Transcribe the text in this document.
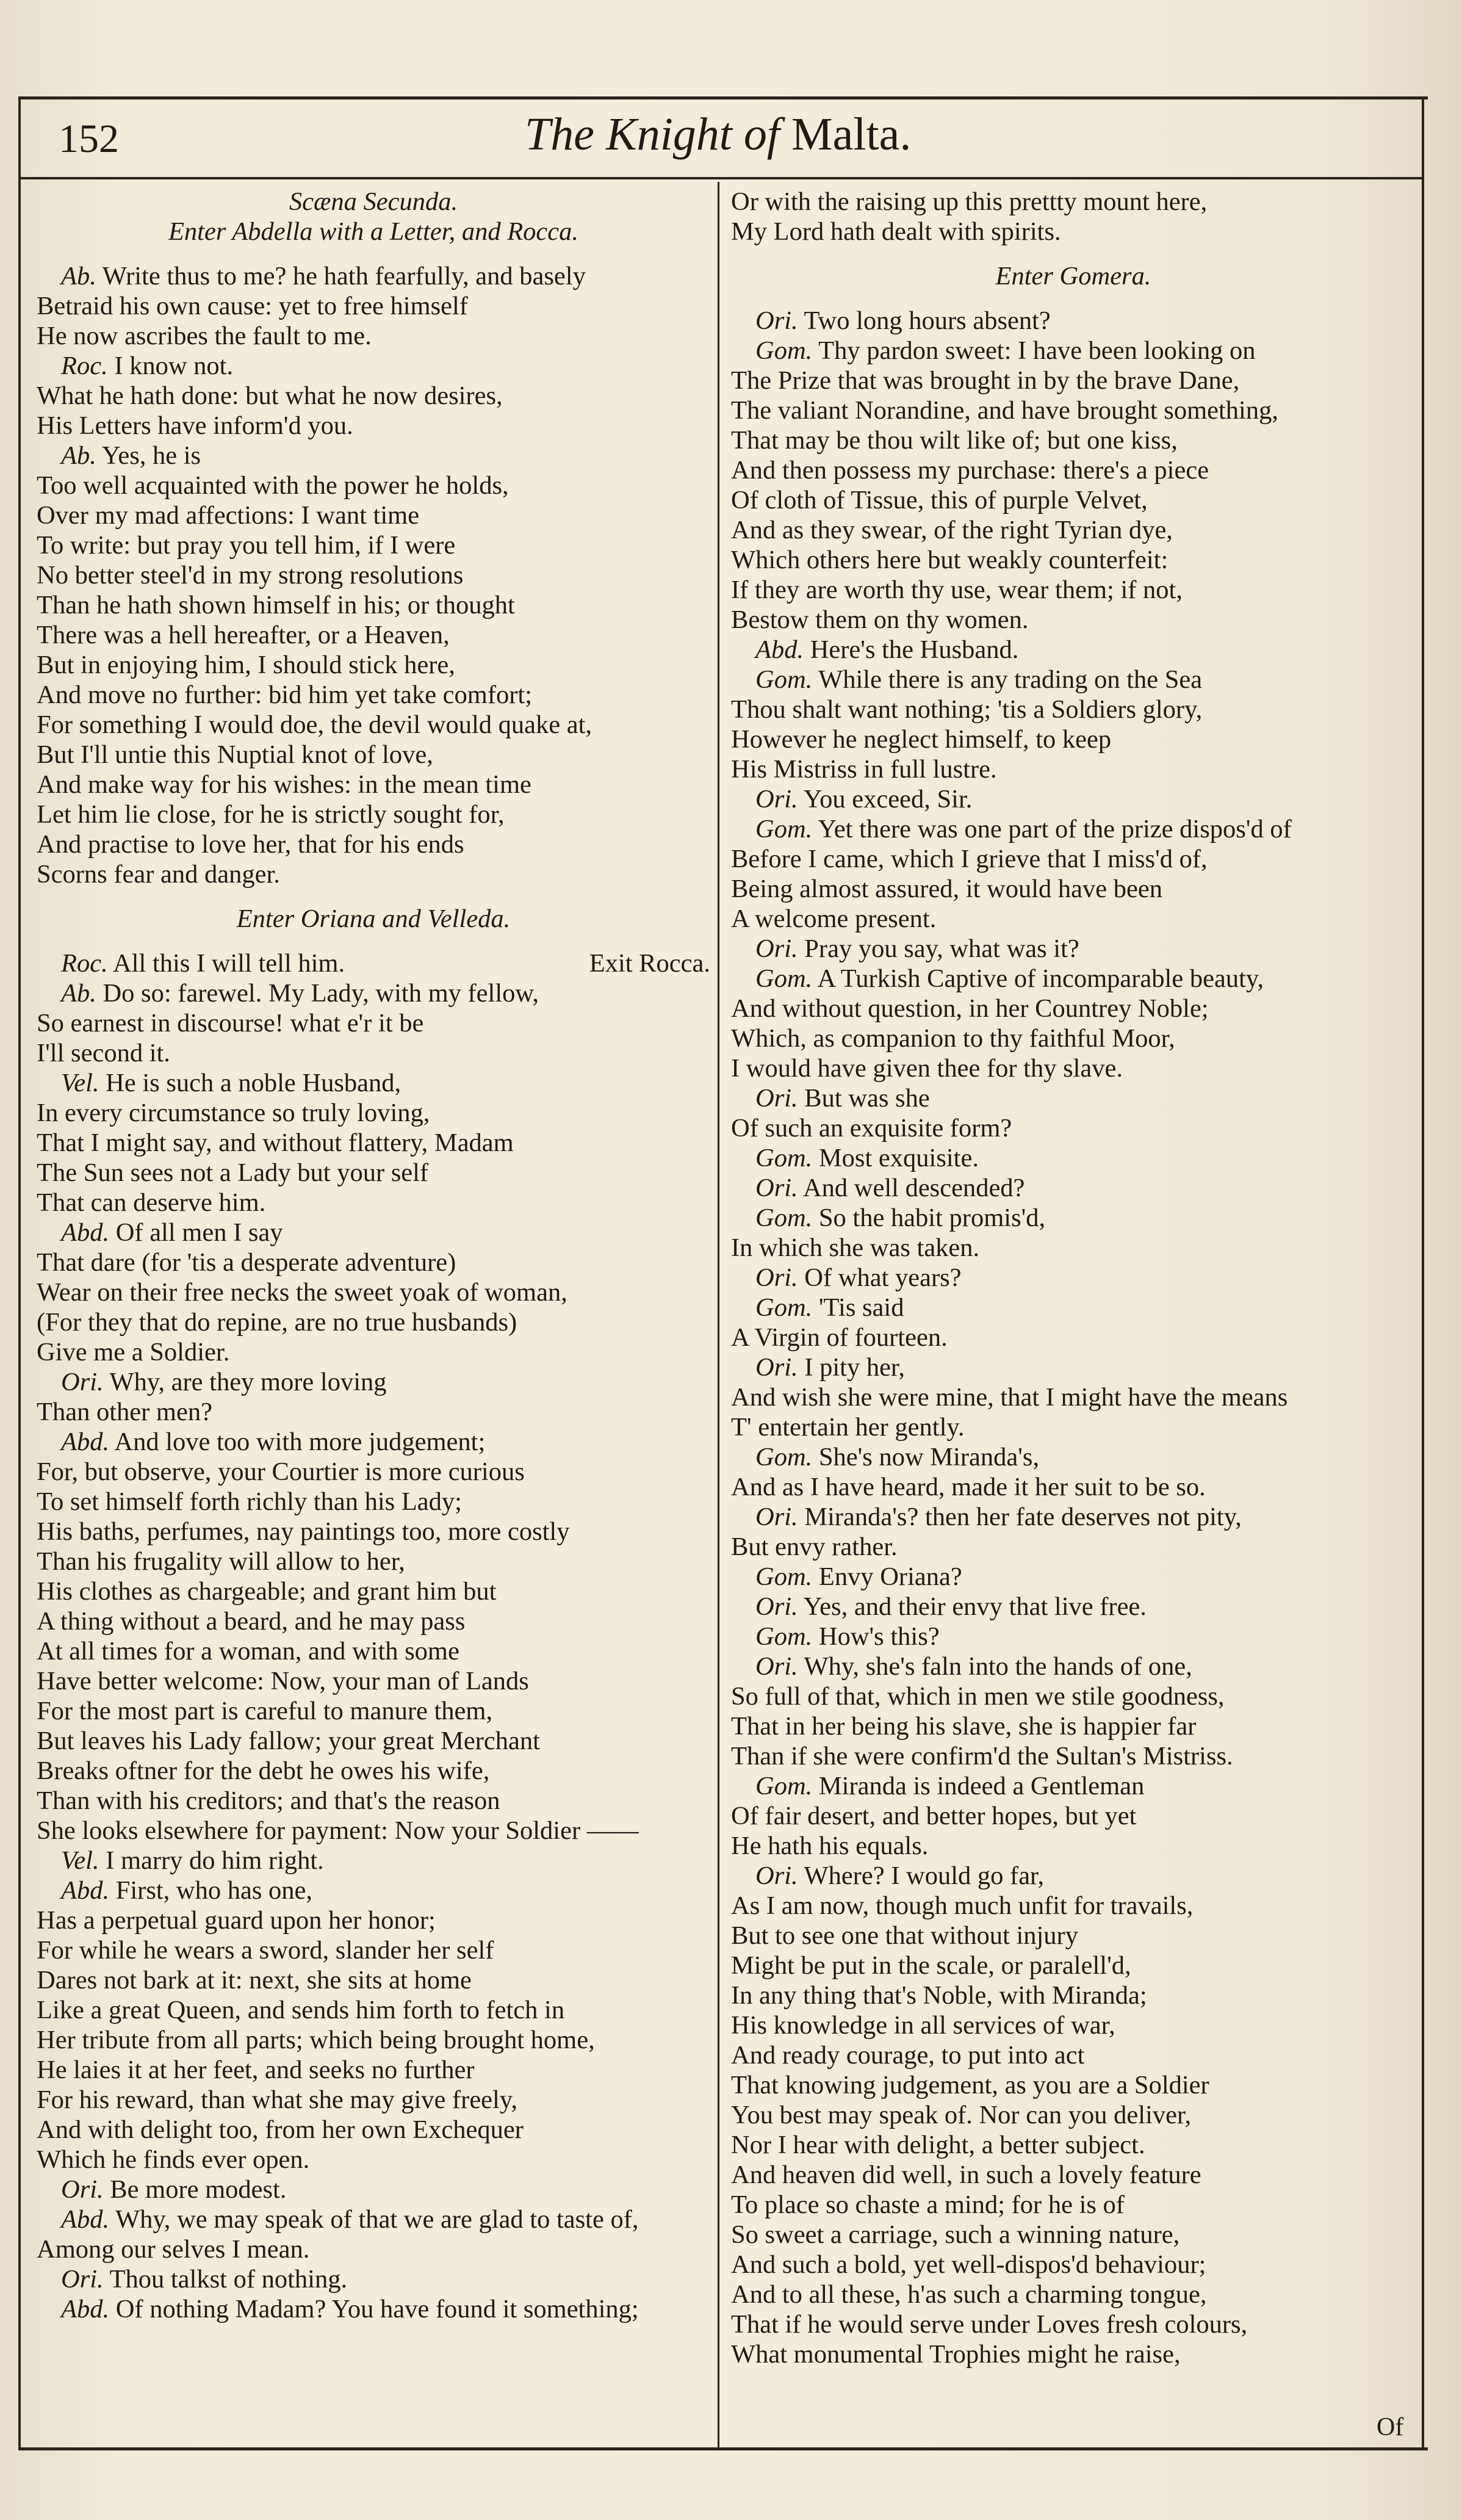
152	The Knight of Malta.
Scæna Secunda.
Enter Abdella with a Letter, and Rocca.
Ab. Write thus to me? he hath fearfully, and basely
Betraid his own cause: yet to free himself
He now ascribes the fault to me.
Roc. I know not.
What he hath done: but what he now desires,
His Letters have inform'd you.
Ab. Yes, he is
Too well acquainted with the power he holds,
Over my mad affections: I want time
To write: but pray you tell him, if I were
No better steel'd in my strong resolutions
Than he hath shown himself in his; or thought
There was a hell hereafter, or a Heaven,
But in enjoying him, I should stick here,
And move no further: bid him yet take comfort;
For something I would doe, the devil would quake at,
But I'll untie this Nuptial knot of love,
And make way for his wishes: in the mean time
Let him lie close, for he is strictly sought for,
And practise to love her, that for his ends
Scorns fear and danger.
Enter Oriana and Velleda.
Roc. All this I will tell him.	Exit Rocca.
Ab. Do so: farewel. My Lady, with my fellow,
So earnest in discourse! what e'r it be
I'll second it.
Vel. He is such a noble Husband,
In every circumstance so truly loving,
That I might say, and without flattery, Madam
The Sun sees not a Lady but your self
That can deserve him.
Abd. Of all men I say
That dare (for 'tis a desperate adventure)
Wear on their free necks the sweet yoak of woman,
(For they that do repine, are no true husbands)
Give me a Soldier.
Ori. Why, are they more loving
Than other men?
Abd. And love too with more judgement;
For, but observe, your Courtier is more curious
To set himself forth richly than his Lady;
His baths, perfumes, nay paintings too, more costly
Than his frugality will allow to her,
His clothes as chargeable; and grant him but
A thing without a beard, and he may pass
At all times for a woman, and with some
Have better welcome: Now, your man of Lands
For the most part is careful to manure them,
But leaves his Lady fallow; your great Merchant
Breaks oftner for the debt he owes his wife,
Than with his creditors; and that's the reason
She looks elsewhere for payment: Now your Soldier ——
Vel. I marry do him right.
Abd. First, who has one,
Has a perpetual guard upon her honor;
For while he wears a sword, slander her self
Dares not bark at it: next, she sits at home
Like a great Queen, and sends him forth to fetch in
Her tribute from all parts; which being brought home,
He laies it at her feet, and seeks no further
For his reward, than what she may give freely,
And with delight too, from her own Exchequer
Which he finds ever open.
Ori. Be more modest.
Abd. Why, we may speak of that we are glad to taste of,
Among our selves I mean.
Ori. Thou talkst of nothing.
Abd. Of nothing Madam? You have found it something;
Or with the raising up this prettty mount here,
My Lord hath dealt with spirits.
Enter Gomera.
Ori. Two long hours absent?
Gom. Thy pardon sweet: I have been looking on
The Prize that was brought in by the brave Dane,
The valiant Norandine, and have brought something,
That may be thou wilt like of; but one kiss,
And then possess my purchase: there's a piece
Of cloth of Tissue, this of purple Velvet,
And as they swear, of the right Tyrian dye,
Which others here but weakly counterfeit:
If they are worth thy use, wear them; if not,
Bestow them on thy women.
Abd. Here's the Husband.
Gom. While there is any trading on the Sea
Thou shalt want nothing; 'tis a Soldiers glory,
However he neglect himself, to keep
His Mistriss in full lustre.
Ori. You exceed, Sir.
Gom. Yet there was one part of the prize dispos'd of
Before I came, which I grieve that I miss'd of,
Being almost assured, it would have been
A welcome present.
Ori. Pray you say, what was it?
Gom. A Turkish Captive of incomparable beauty,
And without question, in her Countrey Noble;
Which, as companion to thy faithful Moor,
I would have given thee for thy slave.
Ori. But was she
Of such an exquisite form?
Gom. Most exquisite.
Ori. And well descended?
Gom. So the habit promis'd,
In which she was taken.
Ori. Of what years?
Gom. 'Tis said
A Virgin of fourteen.
Ori. I pity her,
And wish she were mine, that I might have the means
T' entertain her gently.
Gom. She's now Miranda's,
And as I have heard, made it her suit to be so.
Ori. Miranda's? then her fate deserves not pity,
But envy rather.
Gom. Envy Oriana?
Ori. Yes, and their envy that live free.
Gom. How's this?
Ori. Why, she's faln into the hands of one,
So full of that, which in men we stile goodness,
That in her being his slave, she is happier far
Than if she were confirm'd the Sultan's Mistriss.
Gom. Miranda is indeed a Gentleman
Of fair desert, and better hopes, but yet
He hath his equals.
Ori. Where? I would go far,
As I am now, though much unfit for travails,
But to see one that without injury
Might be put in the scale, or paralell'd,
In any thing that's Noble, with Miranda;
His knowledge in all services of war,
And ready courage, to put into act
That knowing judgement, as you are a Soldier
You best may speak of. Nor can you deliver,
Nor I hear with delight, a better subject.
And heaven did well, in such a lovely feature
To place so chaste a mind; for he is of
So sweet a carriage, such a winning nature,
And such a bold, yet well-dispos'd behaviour;
And to all these, h'as such a charming tongue,
That if he would serve under Loves fresh colours,
What monumental Trophies might he raise,
Of
